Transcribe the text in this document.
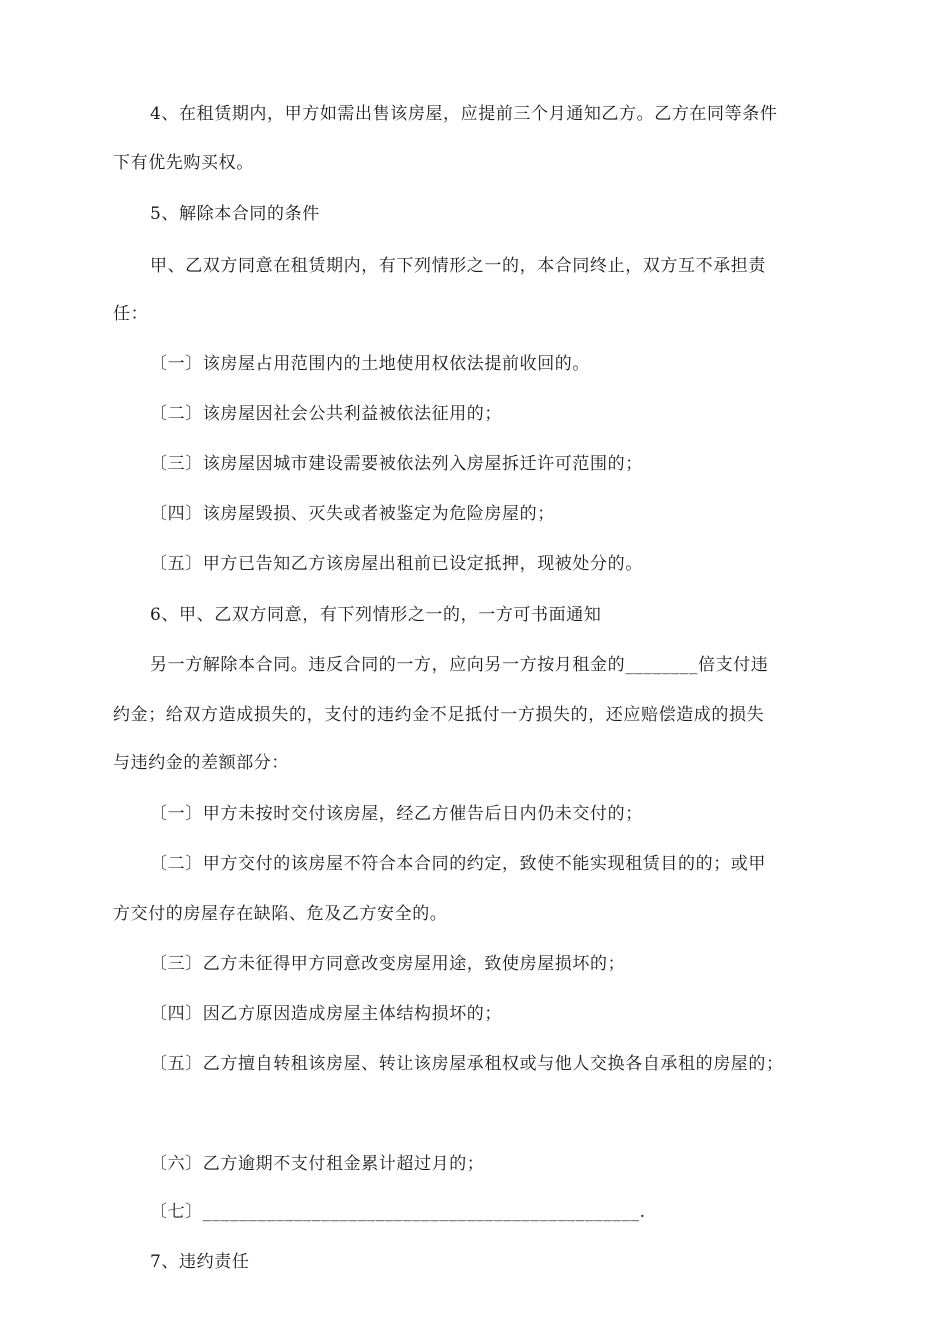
4、在租赁期内，甲方如需出售该房屋，应提前三个月通知乙方。乙方在同等条件
下有优先购买权。
5、解除本合同的条件
甲、乙双方同意在租赁期内，有下列情形之一的，本合同终止，双方互不承担责
任：
〔一〕该房屋占用范围内的土地使用权依法提前收回的。
〔二〕该房屋因社会公共利益被依法征用的；
〔三〕该房屋因城市建设需要被依法列入房屋拆迁许可范围的；
〔四〕该房屋毁损、灭失或者被鉴定为危险房屋的；
〔五〕甲方已告知乙方该房屋出租前已设定抵押，现被处分的。
6、甲、乙双方同意，有下列情形之一的，一方可书面通知
另一方解除本合同。违反合同的一方，应向另一方按月租金的________倍支付违
约金；给双方造成损失的，支付的违约金不足抵付一方损失的，还应赔偿造成的损失
与违约金的差额部分：
〔一〕甲方未按时交付该房屋，经乙方催告后日内仍未交付的；
〔二〕甲方交付的该房屋不符合本合同的约定，致使不能实现租赁目的的；或甲
方交付的房屋存在缺陷、危及乙方安全的。
〔三〕乙方未征得甲方同意改变房屋用途，致使房屋损坏的；
〔四〕因乙方原因造成房屋主体结构损坏的；
〔五〕乙方擅自转租该房屋、转让该房屋承租权或与他人交换各自承租的房屋的；
〔六〕乙方逾期不支付租金累计超过月的；
〔七〕________________________________________________.
7、违约责任
